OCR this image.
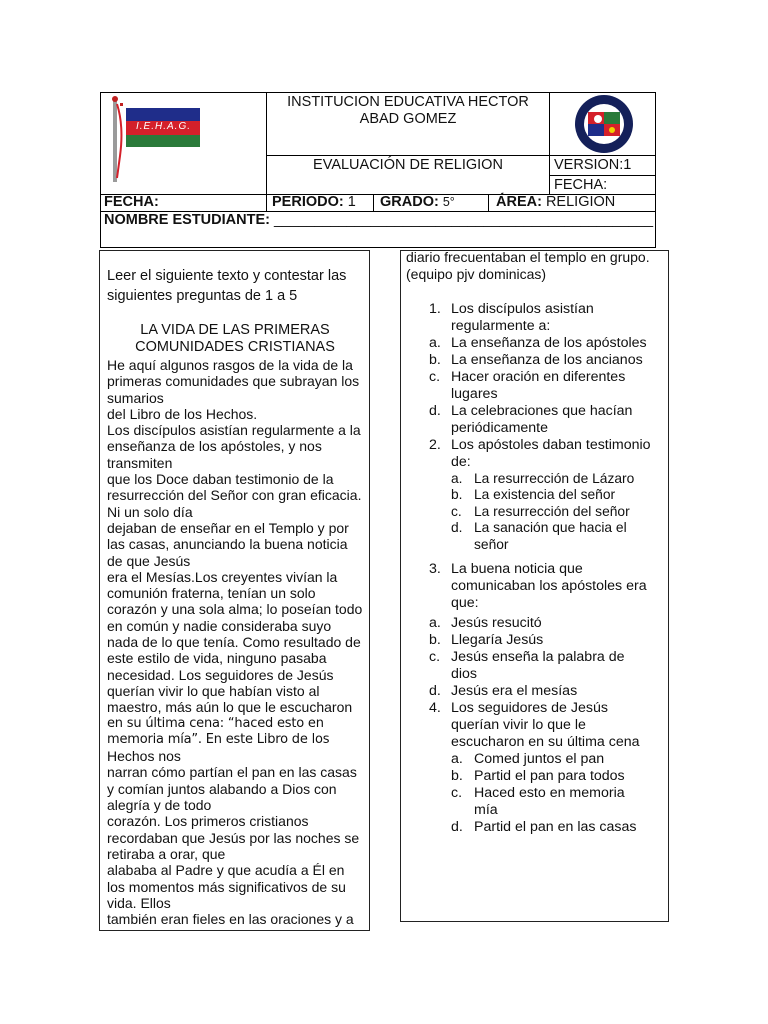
I.E.H.A.G.
INSTITUCION EDUCATIVA HECTOR
ABAD GOMEZ
EVALUACIÓN DE RELIGION	VERSION:1
FECHA:
FECHA:	PERIODO: 1 GRADO: 5°	ÁREA: RELIGION
NOMBRE ESTUDIANTE: _______________________________________________
Leer el siguiente texto y contestar las siguientes preguntas de 1 a 5

LA VIDA DE LAS PRIMERAS

COMUNIDADES CRISTIANAS

He aquí algunos rasgos de la vida de la

primeras comunidades que subrayan los

sumarios

del Libro de los Hechos.

Los discípulos asistían regularmente a la

enseñanza de los apóstoles, y nos

transmiten

que los Doce daban testimonio de la

resurrección del Señor con gran eficacia.

Ni un solo día

dejaban de enseñar en el Templo y por

las casas, anunciando la buena noticia

de que Jesús

era el Mesías.Los creyentes vivían la

comunión fraterna, tenían un solo

corazón y una sola alma; lo poseían todo

en común y nadie consideraba suyo

nada de lo que tenía. Como resultado de

este estilo de vida, ninguno pasaba

necesidad. Los seguidores de Jesús

querían vivir lo que habían visto al

maestro, más aún lo que le escucharon

en su última cena: “haced esto en

memoria mía”. En este Libro de los

Hechos nos

narran cómo partían el pan en las casas

y comían juntos alabando a Dios con

alegría y de todo

corazón. Los primeros cristianos

recordaban que Jesús por las noches se

retiraba a orar, que

alababa al Padre y que acudía a Él en

los momentos más significativos de su

vida. Ellos

también eran fieles en las oraciones y a

diario frecuentaban el templo en grupo.

(equipo pjv dominicas)

1. Los discípulos asistían
regularmente a:
a. La enseñanza de los apóstoles
b. La enseñanza de los ancianos
c. Hacer oración en diferentes
lugares
d. La celebraciones que hacían
periódicamente
2. Los apóstoles daban testimonio
de:
a. La resurrección de Lázaro
b. La existencia del señor
c. La resurrección del señor
d. La sanación que hacia el
señor
3. La buena noticia que
comunicaban los apóstoles era
que:
a. Jesús resucitó
b. Llegaría Jesús
c. Jesús enseña la palabra de
dios
d. Jesús era el mesías
4. Los seguidores de Jesús
querían vivir lo que le
escucharon en su última cena
a. Comed juntos el pan
b. Partid el pan para todos
c. Haced esto en memoria
mía
d. Partid el pan en las casas
